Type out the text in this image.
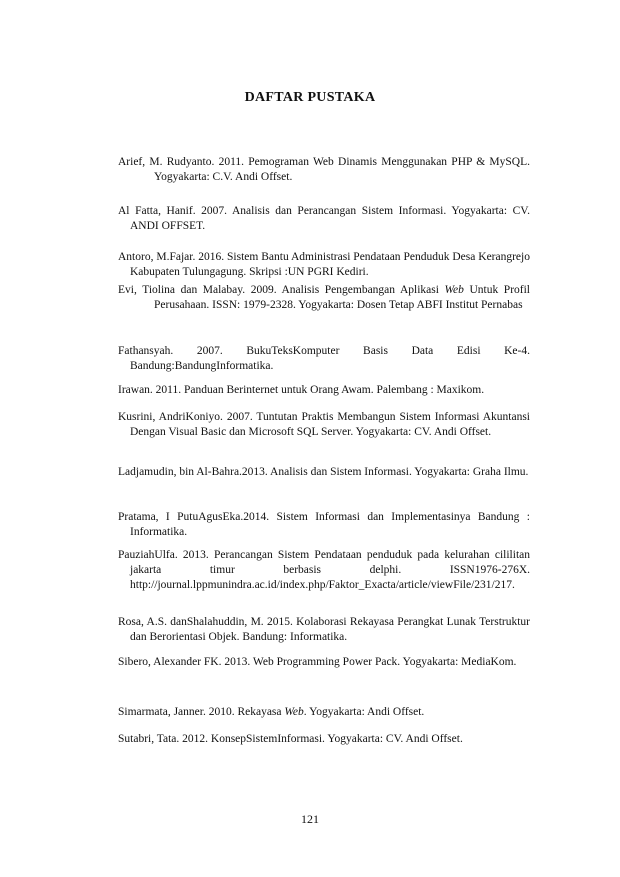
DAFTAR PUSTAKA
Arief, M. Rudyanto. 2011. Pemograman Web Dinamis Menggunakan PHP & MySQL. Yogyakarta: C.V. Andi Offset.
Al Fatta, Hanif. 2007. Analisis dan Perancangan Sistem Informasi. Yogyakarta: CV. ANDI OFFSET.
Antoro, M.Fajar. 2016. Sistem Bantu Administrasi Pendataan Penduduk Desa Kerangrejo Kabupaten Tulungagung. Skripsi :UN PGRI Kediri.
Evi, Tiolina dan Malabay. 2009. Analisis Pengembangan Aplikasi Web Untuk Profil Perusahaan. ISSN: 1979-2328. Yogyakarta: Dosen Tetap ABFI Institut Pernabas
Fathansyah. 2007. BukuTeksKomputer Basis Data Edisi Ke-4. Bandung:BandungInformatika.
Irawan. 2011. Panduan Berinternet untuk Orang Awam. Palembang : Maxikom.
Kusrini, AndriKoniyo. 2007. Tuntutan Praktis Membangun Sistem Informasi Akuntansi Dengan Visual Basic dan Microsoft SQL Server. Yogyakarta: CV. Andi Offset.
Ladjamudin, bin Al-Bahra.2013. Analisis dan Sistem Informasi. Yogyakarta: Graha Ilmu.
Pratama, I PutuAgusEka.2014. Sistem Informasi dan Implementasinya Bandung : Informatika.
PauziahUlfa. 2013. Perancangan Sistem Pendataan penduduk pada kelurahan cililitan jakarta timur berbasis delphi. ISSN1976-276X. http://journal.lppmunindra.ac.id/index.php/Faktor_Exacta/article/viewFile/231/217.
Rosa, A.S. danShalahuddin, M. 2015. Kolaborasi Rekayasa Perangkat Lunak Terstruktur dan Berorientasi Objek. Bandung: Informatika.
Sibero, Alexander FK. 2013. Web Programming Power Pack. Yogyakarta: MediaKom.
Simarmata, Janner. 2010. Rekayasa Web. Yogyakarta: Andi Offset.
Sutabri, Tata. 2012. KonsepSistemInformasi. Yogyakarta: CV. Andi Offset.
121
